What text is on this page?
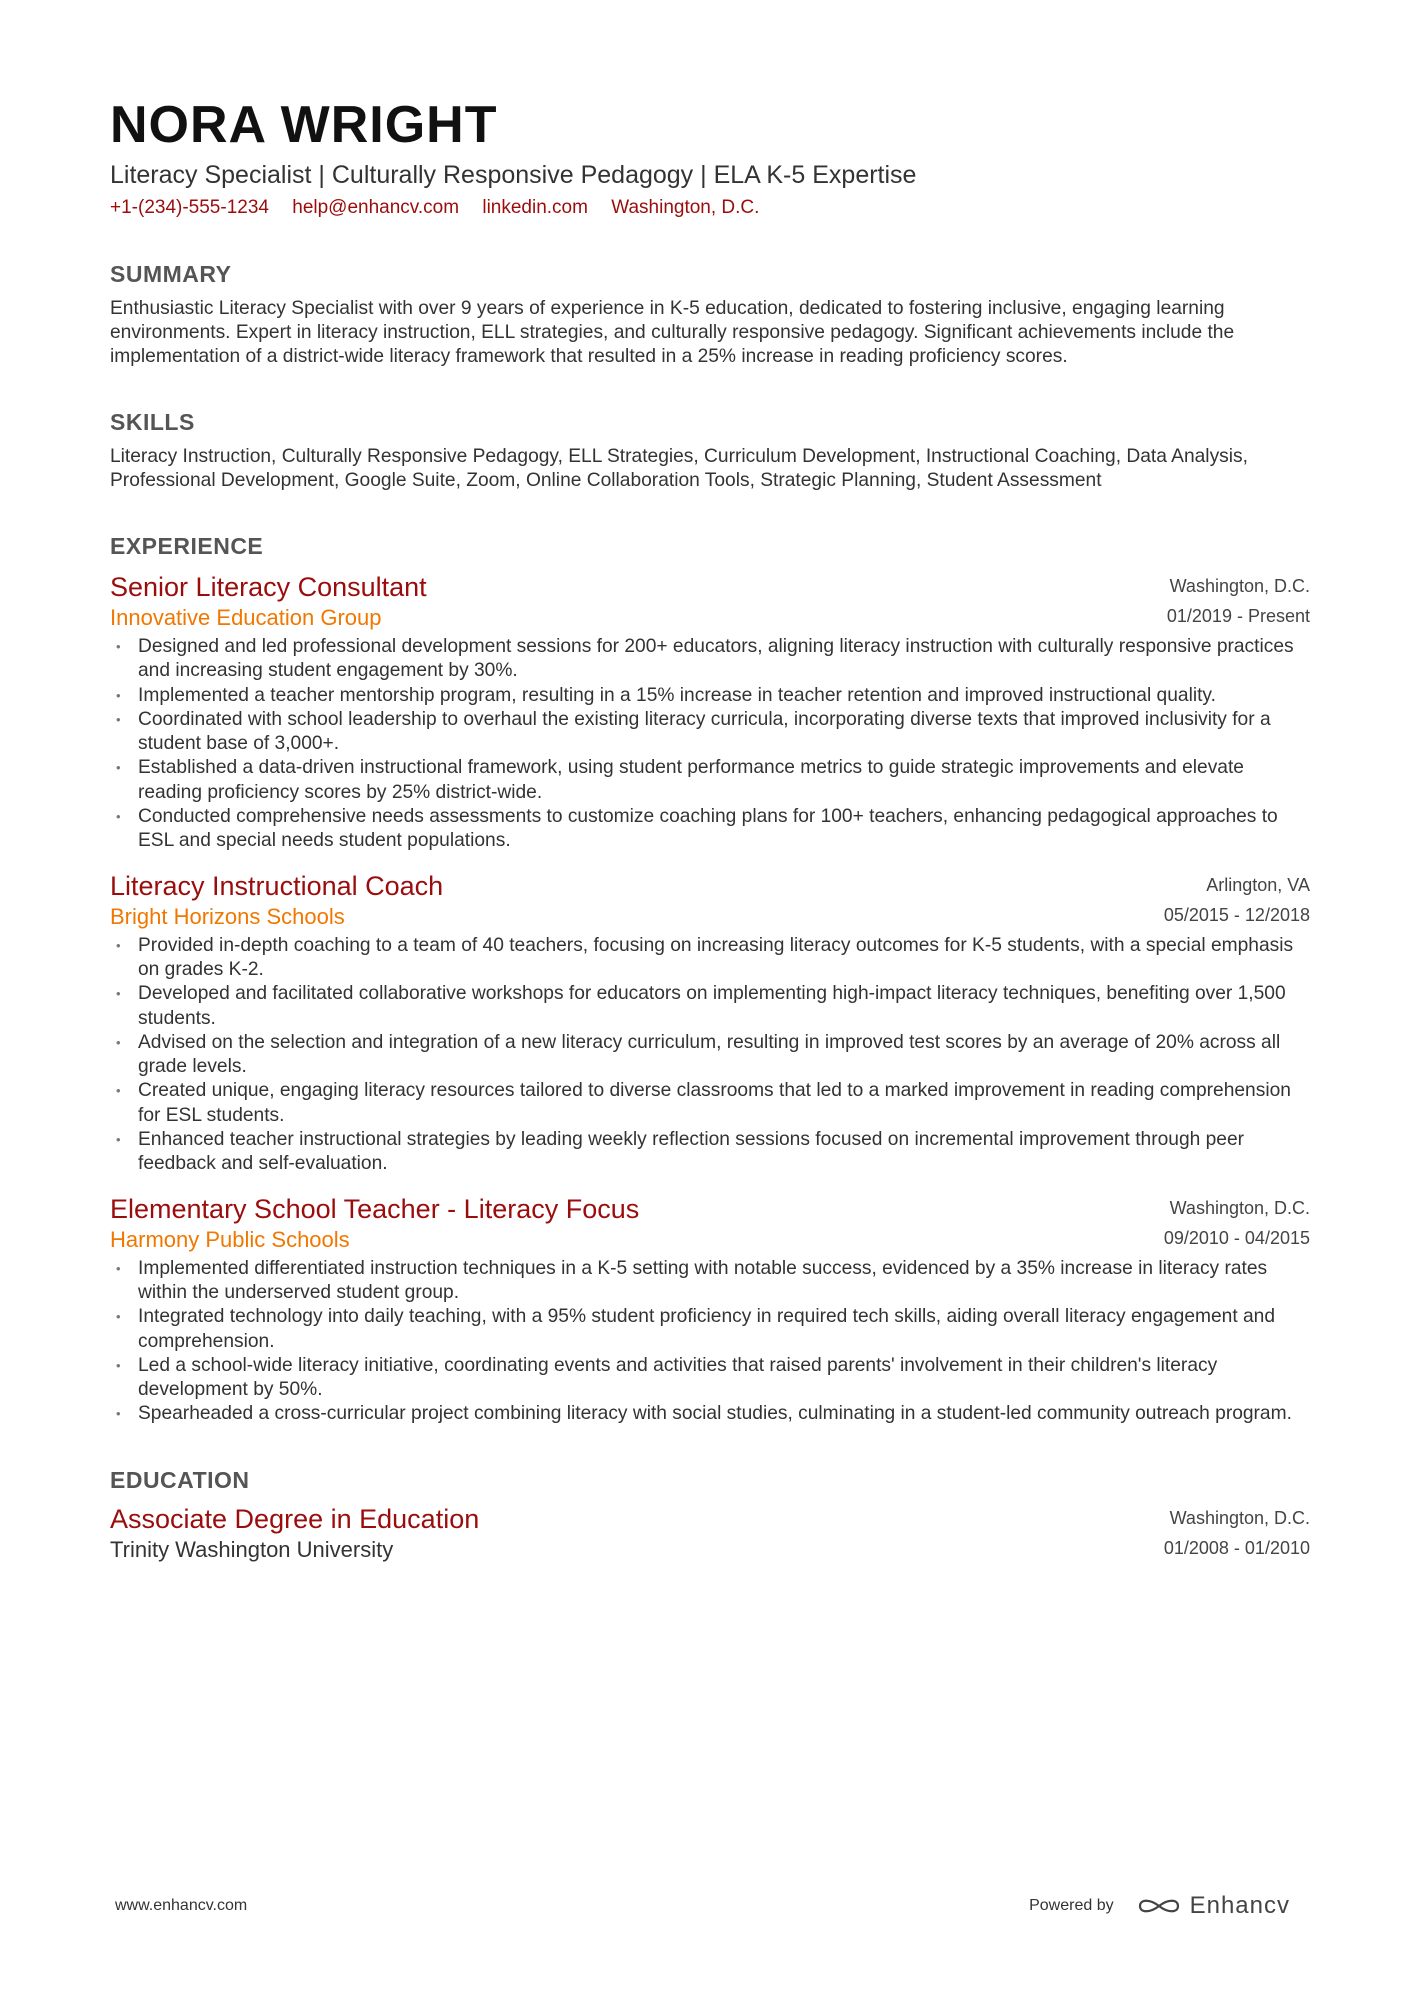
NORA WRIGHT
Literacy Specialist | Culturally Responsive Pedagogy | ELA K-5 Expertise
+1-(234)-555-1234 help@enhancv.com linkedin.com Washington, D.C.
SUMMARY
Enthusiastic Literacy Specialist with over 9 years of experience in K-5 education, dedicated to fostering inclusive, engaging learning environments. Expert in literacy instruction, ELL strategies, and culturally responsive pedagogy. Significant achievements include the implementation of a district-wide literacy framework that resulted in a 25% increase in reading proficiency scores.
SKILLS
Literacy Instruction, Culturally Responsive Pedagogy, ELL Strategies, Curriculum Development, Instructional Coaching, Data Analysis, Professional Development, Google Suite, Zoom, Online Collaboration Tools, Strategic Planning, Student Assessment
EXPERIENCE
Senior Literacy Consultant
Innovative Education Group
Washington, D.C.
01/2019 - Present
• Designed and led professional development sessions for 200+ educators, aligning literacy instruction with culturally responsive practices and increasing student engagement by 30%.
• Implemented a teacher mentorship program, resulting in a 15% increase in teacher retention and improved instructional quality.
• Coordinated with school leadership to overhaul the existing literacy curricula, incorporating diverse texts that improved inclusivity for a student base of 3,000+.
• Established a data-driven instructional framework, using student performance metrics to guide strategic improvements and elevate reading proficiency scores by 25% district-wide.
• Conducted comprehensive needs assessments to customize coaching plans for 100+ teachers, enhancing pedagogical approaches to ESL and special needs student populations.
Literacy Instructional Coach
Bright Horizons Schools
Arlington, VA
05/2015 - 12/2018
• Provided in-depth coaching to a team of 40 teachers, focusing on increasing literacy outcomes for K-5 students, with a special emphasis on grades K-2.
• Developed and facilitated collaborative workshops for educators on implementing high-impact literacy techniques, benefiting over 1,500 students.
• Advised on the selection and integration of a new literacy curriculum, resulting in improved test scores by an average of 20% across all grade levels.
• Created unique, engaging literacy resources tailored to diverse classrooms that led to a marked improvement in reading comprehension for ESL students.
• Enhanced teacher instructional strategies by leading weekly reflection sessions focused on incremental improvement through peer feedback and self-evaluation.
Elementary School Teacher - Literacy Focus
Harmony Public Schools
Washington, D.C.
09/2010 - 04/2015
• Implemented differentiated instruction techniques in a K-5 setting with notable success, evidenced by a 35% increase in literacy rates within the underserved student group.
• Integrated technology into daily teaching, with a 95% student proficiency in required tech skills, aiding overall literacy engagement and comprehension.
• Led a school-wide literacy initiative, coordinating events and activities that raised parents' involvement in their children's literacy development by 50%.
• Spearheaded a cross-curricular project combining literacy with social studies, culminating in a student-led community outreach program.
EDUCATION
Associate Degree in Education
Trinity Washington University
Washington, D.C.
01/2008 - 01/2010
www.enhancv.com	Powered by	Enhancv
